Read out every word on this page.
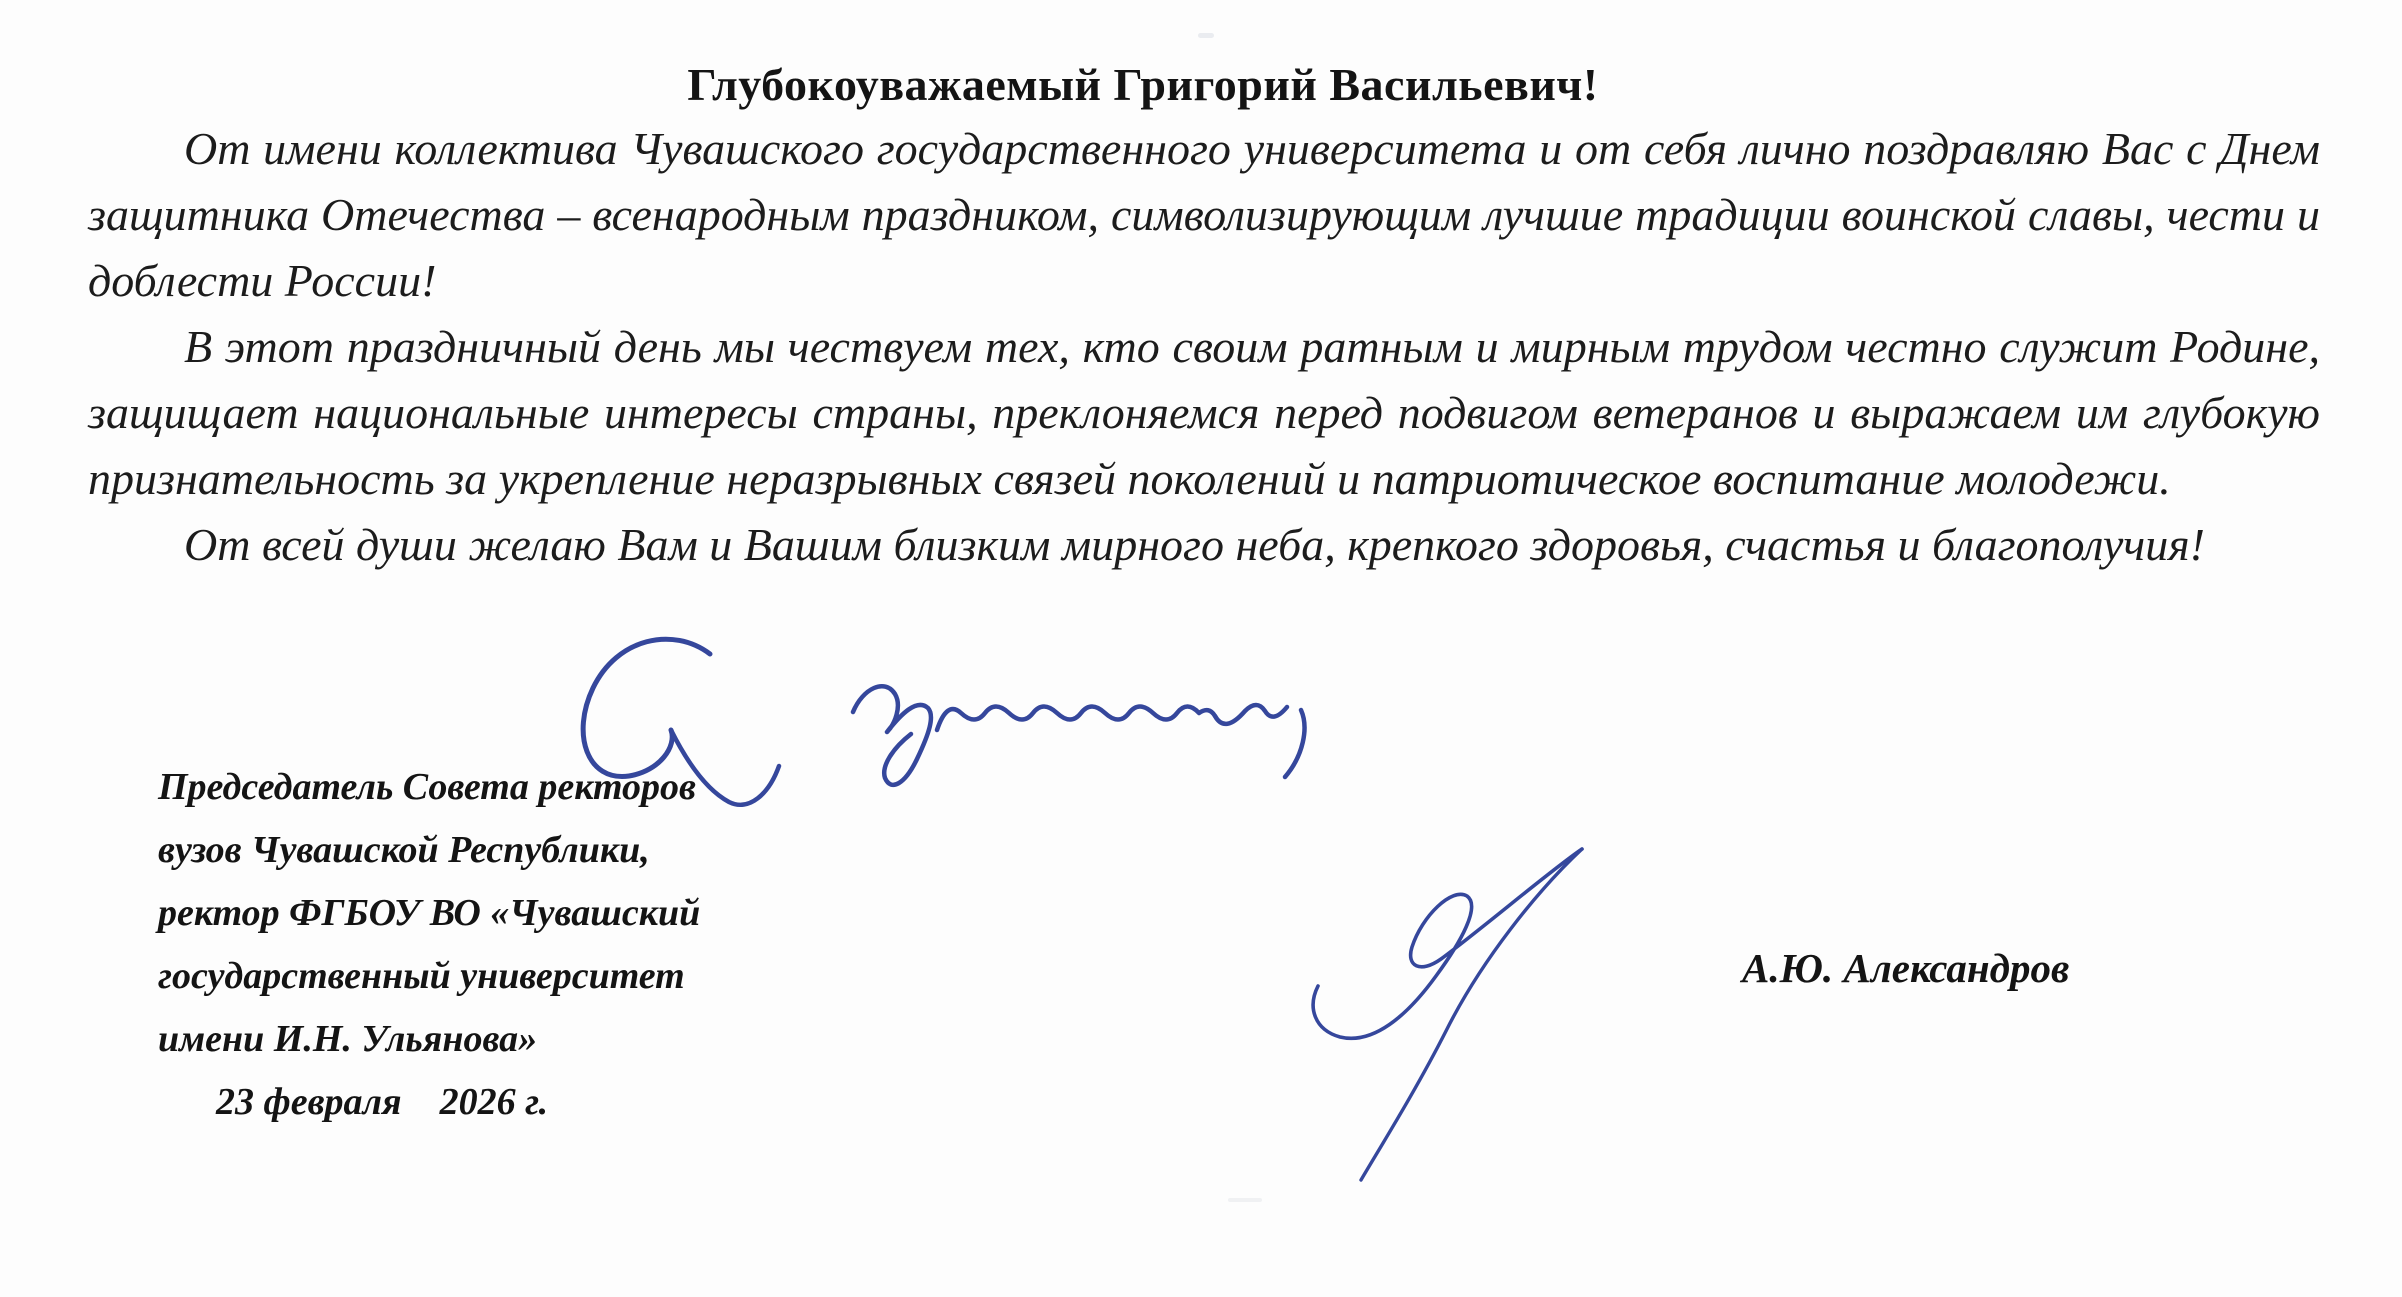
Глубокоуважаемый Григорий Васильевич!

От имени коллектива Чувашского государственного университета и от себя лично поздравляю Вас с Днем защитника Отечества – всенародным праздником, символизирующим лучшие традиции воинской славы, чести и доблести России!

В этот праздничный день мы чествуем тех, кто своим ратным и мирным трудом честно служит Родине, защищает национальные интересы страны, преклоняемся перед подвигом ветеранов и выражаем им глубокую признательность за укрепление неразрывных связей поколений и патриотическое воспитание молодежи.

От всей души желаю Вам и Вашим близким мирного неба, крепкого здоровья, счастья и благополучия!

Председатель Совета ректоров
вузов Чувашской Республики,
ректор ФГБОУ ВО «Чувашский
государственный университет
имени И.Н. Ульянова»
23 февраля    2026 г.
А.Ю. Александров
